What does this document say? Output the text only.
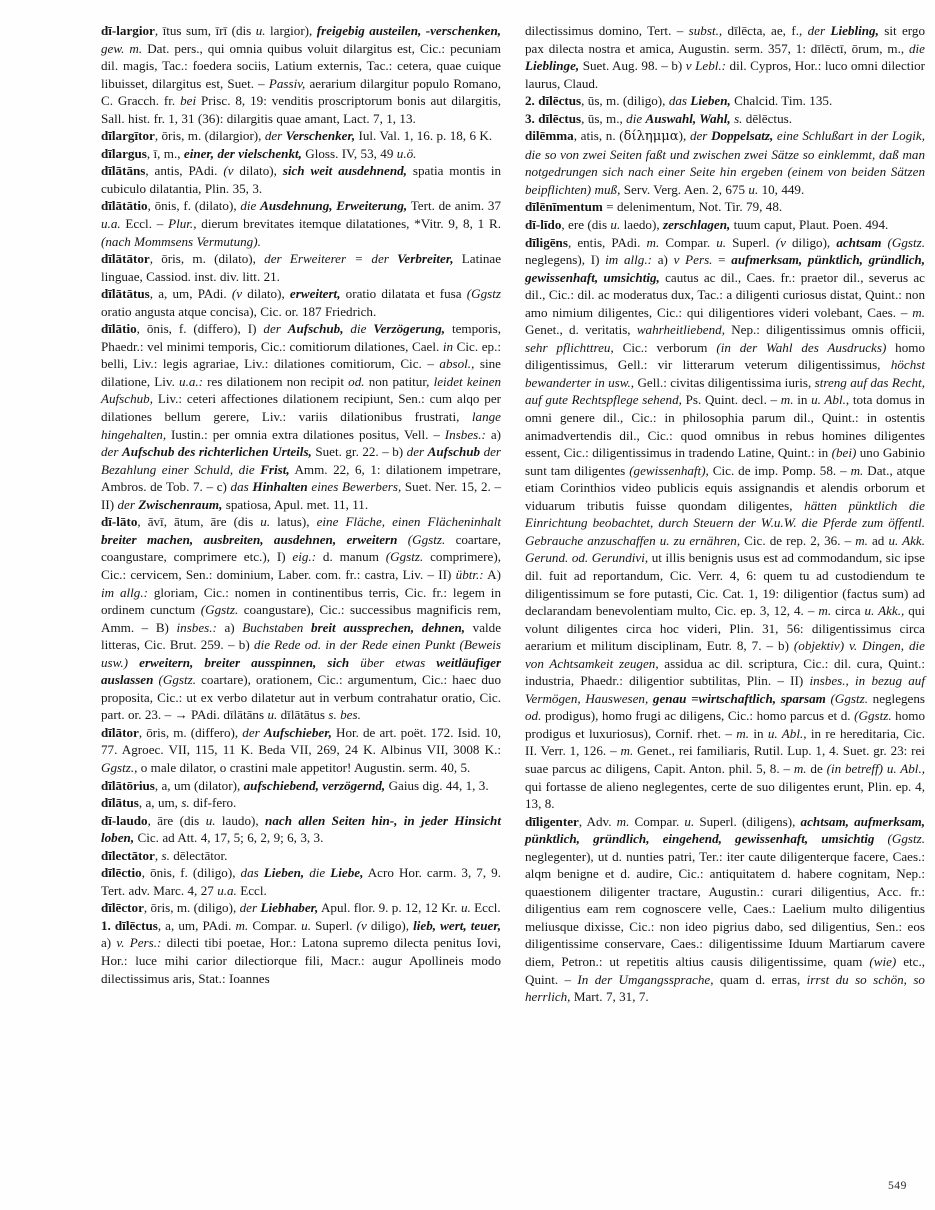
dī-largior, ītus sum, īrī (dis u. largior), freigebig austeilen, -verschenken, gew. m. Dat. pers., qui omnia quibus voluit dilargitus est, Cic.: pecuniam dil. magis, Tac.: foedera sociis, Latium externis, Tac.: cetera, quae cuique libuisset, dilargitus est, Suet. – Passiv, aerarium dilargitur populo Romano, C. Gracch. fr. bei Prisc. 8, 19: venditis proscriptorum bonis aut dilargitis, Sall. hist. fr. 1, 31 (36): dilargitis quae amant, Lact. 7, 1, 13.

dīlargītor, ōris, m. (dilargior), der Verschenker, Iul. Val. 1, 16. p. 18, 6 K.

dīlargus, ī, m., einer, der vielschenkt, Gloss. IV, 53, 49 u.ö.

dīlātāns, antis, PAdi. (v dilato), sich weit ausdehnend, spatia montis in cubiculo dilatantia, Plin. 35, 3.

dīlātātio, ōnis, f. (dilato), die Ausdehnung, Erweiterung, Tert. de anim. 37 u.a. Eccl. – Plur., dierum brevitates itemque dilatationes, *Vitr. 9, 8, 1 R. (nach Mommsens Vermutung).

dīlātātor, ōris, m. (dilato), der Erweiterer = der Verbreiter, Latinae linguae, Cassiod. inst. div. litt. 21.

dīlātātus, a, um, PAdi. (v dilato), erweitert, oratio dilatata et fusa (Ggstz oratio angusta atque concisa), Cic. or. 187 Friedrich.

dīlātio, ōnis, f. (differo), I) der Aufschub, die Verzögerung, temporis, Phaedr.: vel minimi temporis, Cic.: comitiorum dilationes, Cael. in Cic. ep.: belli, Liv.: legis agrariae, Liv.: dilationes comitiorum, Cic. – absol., sine dilatione, Liv. u.a.: res dilationem non recipit od. non patitur, leidet keinen Aufschub, Liv.: ceteri affectiones dilationem recipiunt, Sen.: cum alqo per dilationes bellum gerere, Liv.: variis dilationibus frustrati, lange hingehalten, Iustin.: per omnia extra dilationes positus, Vell. – Insbes.: a) der Aufschub des richterlichen Urteils, Suet. gr. 22. – b) der Aufschub der Bezahlung einer Schuld, die Frist, Amm. 22, 6, 1: dilationem impetrare, Ambros. de Tob. 7. – c) das Hinhalten eines Bewerbers, Suet. Ner. 15, 2. – II) der Zwischenraum, spatiosa, Apul. met. 11, 11.

dī-lāto, āvī, ātum, āre (dis u. latus), eine Fläche, einen Flächeninhalt breiter machen, ausbreiten, ausdehnen, erweitern (Ggstz. coartare, coangustare, comprimere etc.), I) eig.: d. manum (Ggstz. comprimere), Cic.: cervicem, Sen.: dominium, Laber. com. fr.: castra, Liv. – II) übtr.: A) im allg.: gloriam, Cic.: nomen in continentibus terris, Cic. fr.: legem in ordinem cunctum (Ggstz. coangustare), Cic.: successibus magnificis rem, Amm. – B) insbes.: a) Buchstaben breit aussprechen, dehnen, valde litteras, Cic. Brut. 259. – b) die Rede od. in der Rede einen Punkt (Beweis usw.) erweitern, breiter ausspinnen, sich über etwas weitläufiger auslassen (Ggstz. coartare), orationem, Cic.: argumentum, Cic.: haec duo proposita, Cic.: ut ex verbo dilatetur aut in verbum contrahatur oratio, Cic. part. or. 23. – → PAdi. dīlātāns u. dīlātātus s. bes.

dīlātor, ōris, m. (differo), der Aufschieber, Hor. de art. poët. 172. Isid. 10, 77. Agroec. VII, 115, 11 K. Beda VII, 269, 24 K. Albinus VII, 3008 K.: Ggstz., o male dilator, o crastini male appetitor! Augustin. serm. 40, 5.

dīlātōrius, a, um (dilator), aufschiebend, verzögernd, Gaius dig. 44, 1, 3.

dīlātus, a, um, s. dif-fero.

dī-laudo, āre (dis u. laudo), nach allen Seiten hin-, in jeder Hinsicht loben, Cic. ad Att. 4, 17, 5; 6, 2, 9; 6, 3, 3.

dīlectātor, s. dēlectātor.

dīlēctio, ōnis, f. (diligo), das Lieben, die Liebe, Acro Hor. carm. 3, 7, 9. Tert. adv. Marc. 4, 27 u.a. Eccl.

dīlēctor, ōris, m. (diligo), der Liebhaber, Apul. flor. 9. p. 12, 12 Kr. u. Eccl.

1. dīlēctus, a, um, PAdi. m. Compar. u. Superl. (v diligo), lieb, wert, teuer, a) v. Pers.: dilecti tibi poetae, Hor.: Latona supremo dilecta penitus Iovi, Hor.: luce mihi carior dilectiorque fili, Macr.: augur Apollineis modo dilectissimus aris, Stat.: Ioannes

dilectissimus domino, Tert. – subst., dīlēcta, ae, f., der Liebling, sit ergo pax dilecta nostra et amica, Augustin. serm. 357, 1: dīlēctī, ōrum, m., die Lieblinge, Suet. Aug. 98. – b) v Lebl.: dil. Cypros, Hor.: luco omni dilectior laurus, Claud.

2. dīlēctus, ūs, m. (diligo), das Lieben, Chalcid. Tim. 135.

3. dīlēctus, ūs, m., die Auswahl, Wahl, s. dēlēctus.

dilēmma, atis, n. (δίλημμα), der Doppelsatz, eine Schlußart in der Logik, die so von zwei Seiten faßt und zwischen zwei Sätze so einklemmt, daß man notgedrungen sich nach einer Seite hin ergeben (einem von beiden Sätzen beipflichten) muß, Serv. Verg. Aen. 2, 675 u. 10, 449.

dīlēnīmentum = delenimentum, Not. Tir. 79, 48.

dī-līdo, ere (dis u. laedo), zerschlagen, tuum caput, Plaut. Poen. 494.

dīligēns, entis, PAdi. m. Compar. u. Superl. (v diligo), achtsam (Ggstz. neglegens), I) im allg.: a) v Pers. = aufmerksam, pünktlich, gründlich, gewissenhaft, umsichtig, cautus ac dil., Caes. fr.: praetor dil., severus ac dil., Cic.: dil. ac moderatus dux, Tac.: a diligenti curiosus distat, Quint.: non amo nimium diligentes, Cic.: qui diligentiores videri volebant, Caes. – m. Genet., d. veritatis, wahrheitliebend, Nep.: diligentissimus omnis officii, sehr pflichttreu, Cic.: verborum (in der Wahl des Ausdrucks) homo diligentissimus, Gell.: vir litterarum veterum diligentissimus, höchst bewanderter in usw., Gell.: civitas diligentissima iuris, streng auf das Recht, auf gute Rechtspflege sehend, Ps. Quint. decl. – m. in u. Abl., tota domus in omni genere dil., Cic.: in philosophia parum dil., Quint.: in ostentis animadvertendis dil., Cic.: quod omnibus in rebus homines diligentes essent, Cic.: diligentissimus in tradendo Latine, Quint.: in (bei) uno Gabinio sunt tam diligentes (gewissenhaft), Cic. de imp. Pomp. 58. – m. Dat., atque etiam Corinthios video publicis equis assignandis et alendis orborum et viduarum tributis fuisse quondam diligentes, hätten pünktlich die Einrichtung beobachtet, durch Steuern der W.u.W. die Pferde zum öffentl. Gebrauche anzuschaffen u. zu ernähren, Cic. de rep. 2, 36. – m. ad u. Akk. Gerund. od. Gerundivi, ut illis benignis usus est ad commodandum, sic ipse dil. fuit ad reportandum, Cic. Verr. 4, 6: quem tu ad custodiendum te diligentissimum se fore putasti, Cic. Cat. 1, 19: diligentior (factus sum) ad declarandam benevolentiam multo, Cic. ep. 3, 12, 4. – m. circa u. Akk., qui volunt diligentes circa hoc videri, Plin. 31, 56: diligentissimus circa aerarium et militum disciplinam, Eutr. 8, 7. – b) (objektiv) v. Dingen, die von Achtsamkeit zeugen, assidua ac dil. scriptura, Cic.: dil. cura, Quint.: industria, Phaedr.: diligentior subtilitas, Plin. – II) insbes., in bezug auf Vermögen, Hauswesen, genau =wirtschaftlich, sparsam (Ggstz. neglegens od. prodigus), homo frugi ac diligens, Cic.: homo parcus et d. (Ggstz. homo prodigus et luxuriosus), Cornif. rhet. – m. in u. Abl., in re hereditaria, Cic. II. Verr. 1, 126. – m. Genet., rei familiaris, Rutil. Lup. 1, 4. Suet. gr. 23: rei suae parcus ac diligens, Capit. Anton. phil. 5, 8. – m. de (in betreff) u. Abl., qui fortasse de alieno neglegentes, certe de suo diligentes erunt, Plin. ep. 4, 13, 8.

dīligenter, Adv. m. Compar. u. Superl. (diligens), achtsam, aufmerksam, pünktlich, gründlich, eingehend, gewissenhaft, umsichtig (Ggstz. neglegenter), ut d. nunties patri, Ter.: iter caute diligenterque facere, Caes.: alqm benigne et d. audire, Cic.: antiquitatem d. habere cognitam, Nep.: quaestionem diligenter tractare, Augustin.: curari diligentius, Acc. fr.: diligentius eam rem cognoscere velle, Caes.: Laelium multo diligentius meliusque dixisse, Cic.: non ideo pigrius dabo, sed diligentius, Sen.: eos diligentissime conservare, Caes.: diligentissime Iduum Martiarum cavere diem, Petron.: ut repetitis altius causis diligentissime, quam (wie) etc., Quint. – In der Umgangssprache, quam d. erras, irrst du so schön, so herrlich, Mart. 7, 31, 7.

549
